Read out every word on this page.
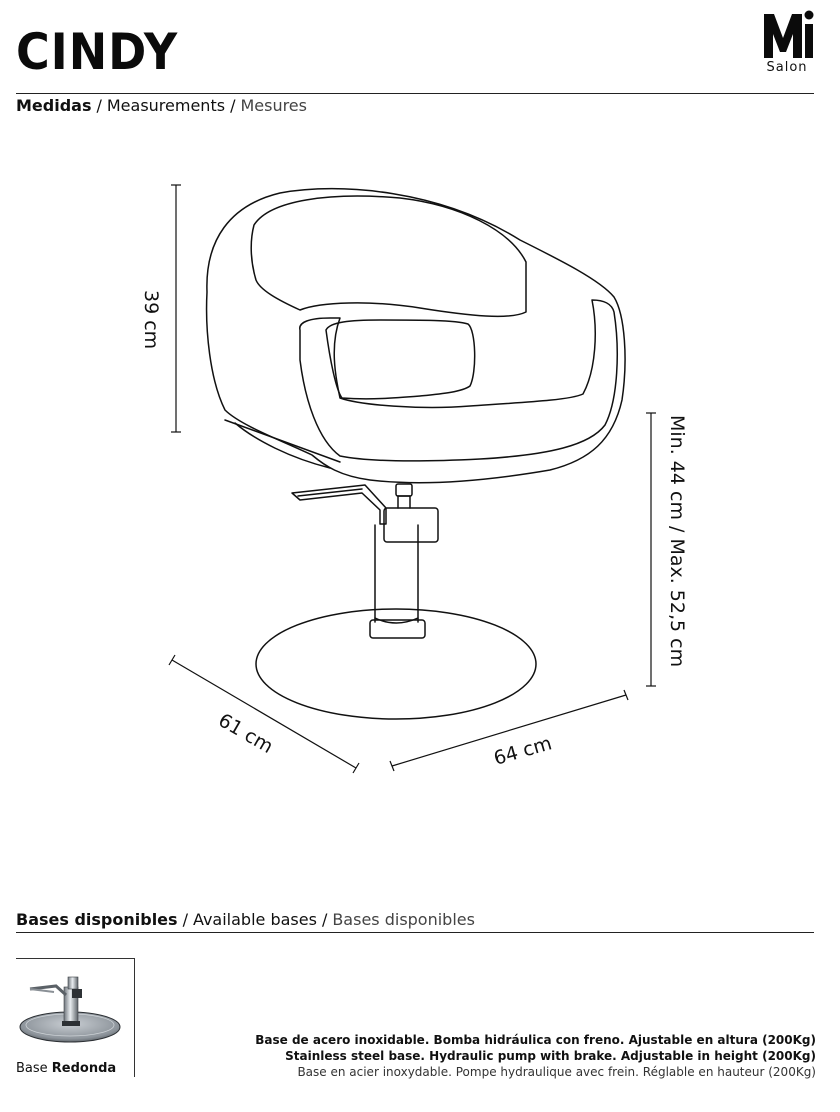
CINDY	Salon
Medidas / Measurements / Mesures
39 cm
Min. 44 cm / Max. 52,5 cm
61 cm	64 cm
Bases disponibles / Available bases / Bases disponibles
Base Redonda
Base de acero inoxidable. Bomba hidráulica con freno. Ajustable en altura (200Kg)
Stainless steel base. Hydraulic pump with brake. Adjustable in height (200Kg)
Base en acier inoxydable. Pompe hydraulique avec frein. Réglable en hauteur (200Kg)
